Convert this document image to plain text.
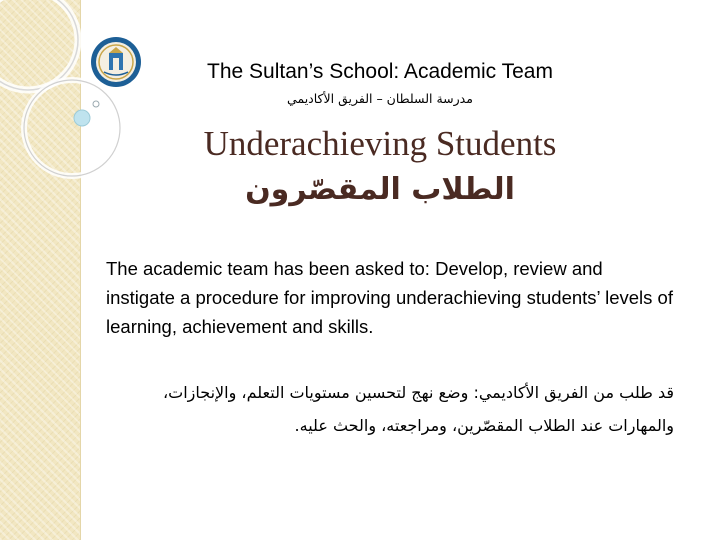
The Sultan’s School: Academic Team
مدرسة السلطان – الفريق الأكاديمي
Underachieving Students
الطلاب المقصّرون
The academic team has been asked to: Develop, review and instigate a procedure for improving underachieving students’ levels of learning, achievement and skills.
قد طلب من الفريق الأكاديمي: وضع نهج لتحسين مستويات التعلم، والإنجازات، والمهارات عند الطلاب المقصّرين، ومراجعته، والحث عليه.
